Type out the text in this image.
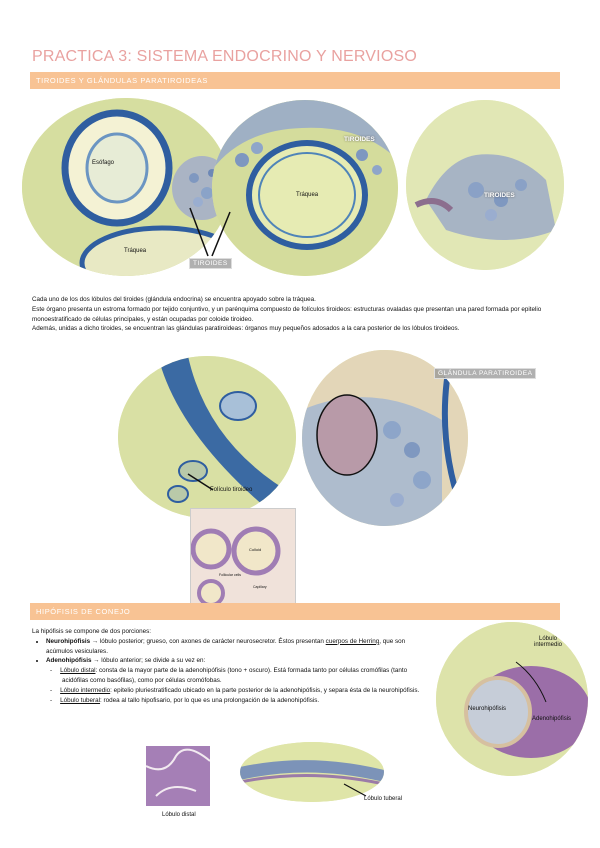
PRACTICA 3: SISTEMA ENDOCRINO Y NERVIOSO
TIROIDES Y GLÁNDULAS PARATIROIDEAS
Esófago
Tráquea
TIROIDES
Tráquea
TIROIDES
TIROIDES
Cada uno de los dos lóbulos del tiroides (glándula endocrina) se encuentra apoyado sobre la tráquea.
Este órgano presenta un estroma formado por tejido conjuntivo, y un parénquima compuesto de folículos tiroideos: estructuras ovaladas que presentan una pared formada por epitelio monoestratificado de células principales, y están ocupadas por coloide tiroideo.
Además, unidas a dicho tiroides, se encuentran las glándulas paratiroideas: órganos muy pequeños adosados a la cara posterior de los lóbulos tiroideos.
Folículo tiroideo
Colloid
Follicular cells
Capillary
GLÁNDULA PARATIROIDEA
HIPÓFISIS DE CONEJO
La hipófisis se compone de dos porciones:
• Neurohipófisis → lóbulo posterior; grueso, con axones de carácter neurosecretor. Éstos presentan cuerpos de Herring, que son acúmulos vesiculares.
• Adenohipófisis → lóbulo anterior; se divide a su vez en:
- Lóbulo distal: consta de la mayor parte de la adenohipófisis (tono + oscuro). Está formada tanto por células cromófilas (tanto acidófilas como basófilas), como por células cromófobas.
- Lóbulo intermedio: epitelio pluriestratificado ubicado en la parte posterior de la adenohipófisis, y separa ésta de la neurohipófisis.
- Lóbulo tuberal: rodea al tallo hipofisario, por lo que es una prolongación de la adenohipófisis.
Lóbulo intermedio
Neurohipófisis
Adenohipófisis
Lóbulo distal
Lóbulo tuberal
